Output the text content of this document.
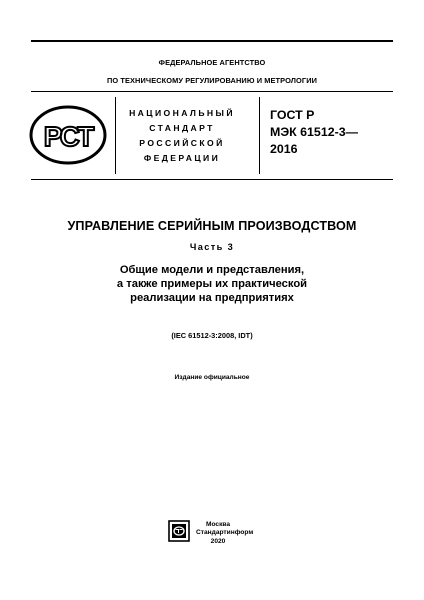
ФЕДЕРАЛЬНОЕ АГЕНТСТВО
ПО ТЕХНИЧЕСКОМУ РЕГУЛИРОВАНИЮ И МЕТРОЛОГИИ
РСТ
НАЦИОНАЛЬНЫЙ
СТАНДАРТ
РОССИЙСКОЙ
ФЕДЕРАЦИИ
ГОСТ Р
МЭК 61512-3—
2016
УПРАВЛЕНИЕ СЕРИЙНЫМ ПРОИЗВОДСТВОМ
Часть 3
Общие модели и представления,
а также примеры их практической
реализации на предприятиях
(IEC 61512-3:2008, IDT)
Издание официальное
Москва
Стандартинформ
2020
